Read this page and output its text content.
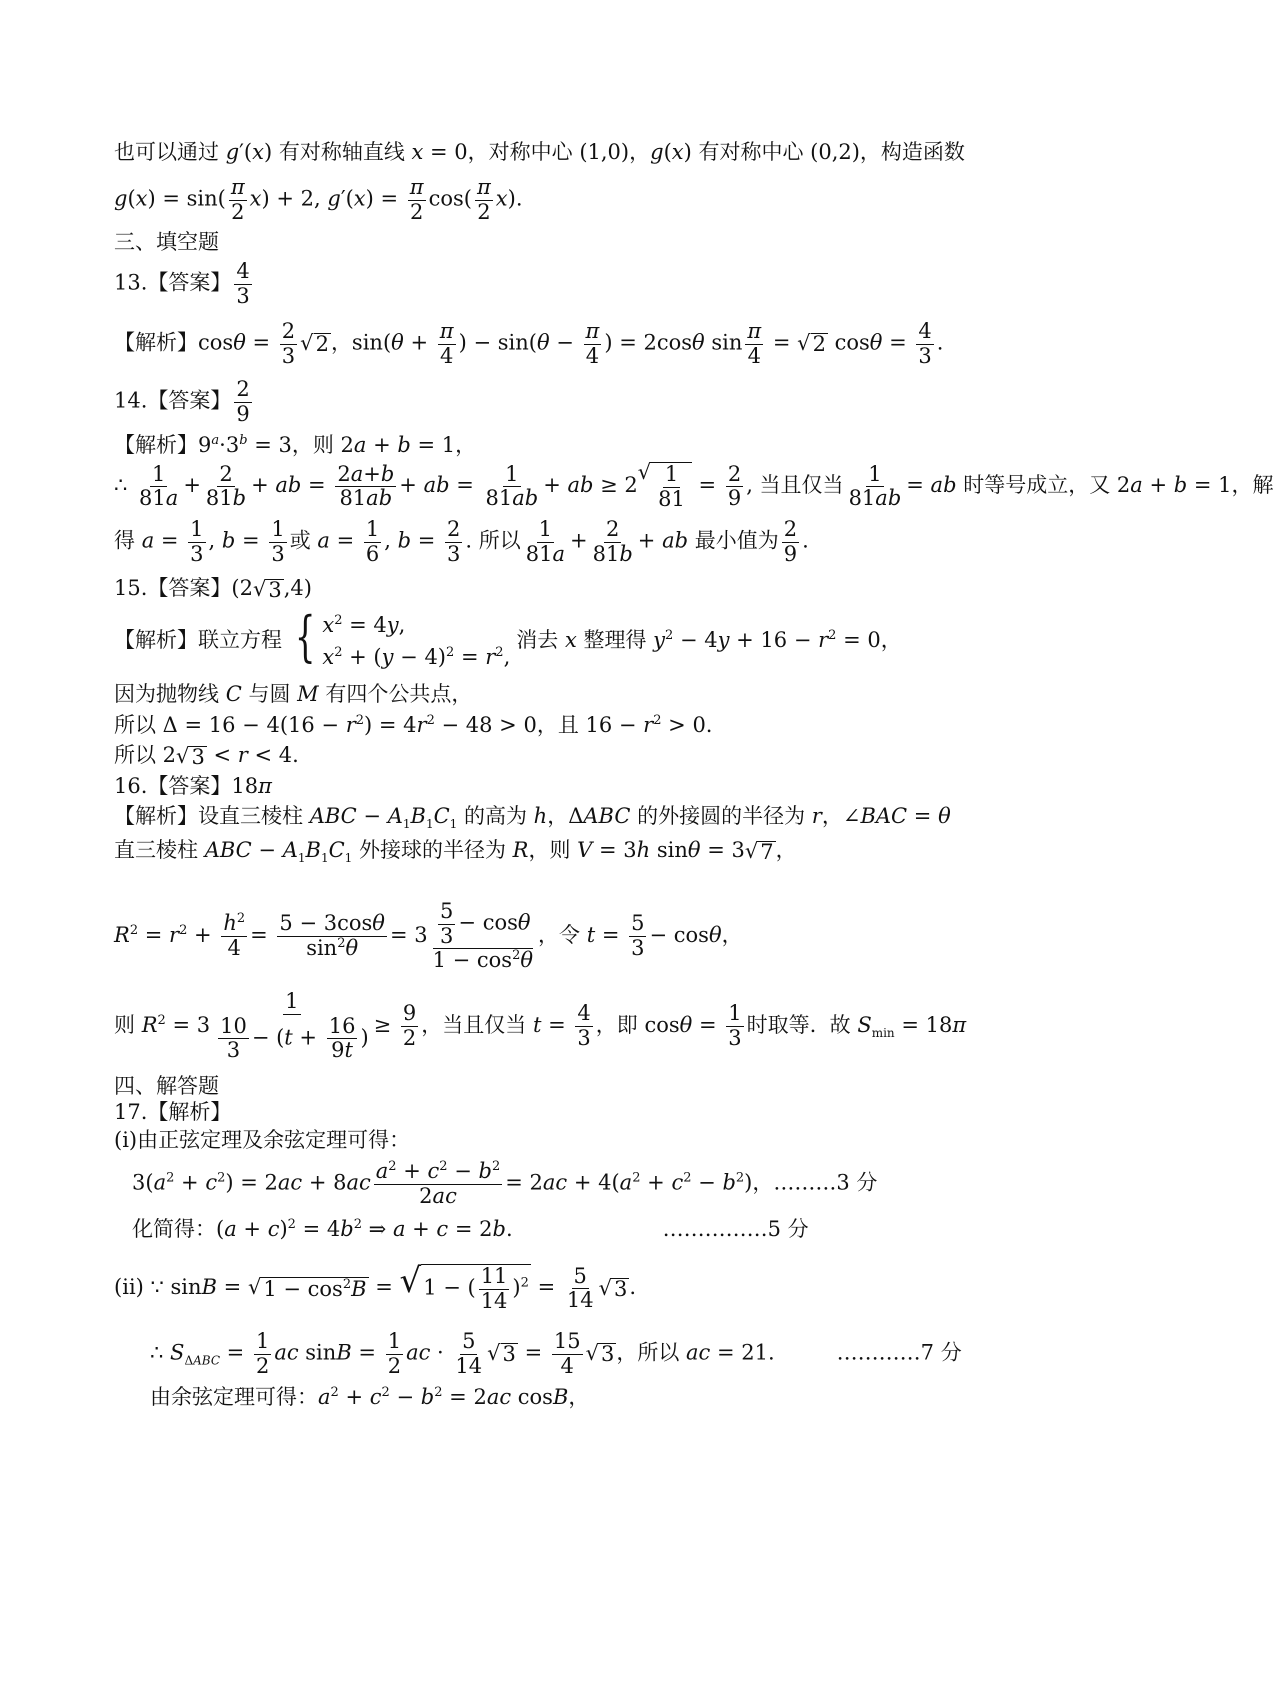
也可以通过 g′(x) 有对称轴直线 x = 0，对称中心 (1,0)，g(x) 有对称中心 (0,2)，构造函数
$g(x) = \sin( \frac{\pi}{2} x) + 2$, $g'(x) = \frac{\pi}{2} \cos( \frac{\pi}{2} x)$.
三、填空题
13.【答案】 $\frac{4}{3}$
【解析】$\cos\theta = \frac{2}{3}$ √ 2 ，$\sin(\theta + \frac{\pi}{4}$ ) − $\sin(\theta - \frac{\pi}{4}$ ) = 2cosθ $\sin \frac{\pi}{4}$ = √ 2 $\cos\theta = \frac{4}{3}$ .
14.【答案】 $\frac{2}{9}$
【解析】$9^a\cdot 3^b = 3$，则 2a + b = 1，
∴ $\frac{1}{81a} + \frac{2}{81b}$ + ab = $\frac{2a+b}{81ab}$ + ab = $\frac{1}{81ab}$ + ab ≥ 2
√ $\frac{1}{81} = \frac{2}{9}$ , 当且仅当 $\frac{1}{81ab}$ = ab 时等号成立，又 2a + b = 1，解
得 $a = \frac{1}{3}$ , $b = \frac{1}{3}$ 或 $a = \frac{1}{6}$ , $b = \frac{2}{3}$ . 所以 $\frac{1}{81a} + \frac{2}{81b}$ + ab 最小值为 $\frac{2}{9}$ .
15.【答案】(2 √ 3 ,4)
【解析】联立方程 { $x^2 = 4y$,
$x^2 + (y - 4)^2 = r^2$,
消去 x 整理得 $y^2 - 4y + 16 - r^2 = 0$，
因为抛物线 C 与圆 M 有四个公共点，
所以 $\Delta = 16 - 4(16 - r^2) = 4r^2 - 48 > 0$，且 $16 - r^2 > 0$.
所以 2 √ 3 < r < 4.
16.【答案】18π
【解析】设直三棱柱 ABC − $A_1B_1C_1$ 的高为 h，ΔABC 的外接圆的半径为 r，∠BAC = θ
直三棱柱 ABC − $A_1B_1C_1$ 外接球的半径为 R，则 V = 3h sinθ = 3 √ 7 ，
$R^2 = r^2 + \frac{h^2}{4} = \frac{5 - 3\cos\theta}{\sin^2\theta} = 3 \frac{\frac{5}{3} - \cos\theta}{1 - \cos^2\theta}$ ，令 $t = \frac{5}{3} - \cos\theta$，
则 $R^2 = 3 \frac{1}{\frac{10}{3} - (t + \frac{16}{9t} )} \ge \frac{9}{2}$ ，当且仅当 $t = \frac{4}{3}$ ，即 $\cos\theta = \frac{1}{3}$ 时取等.  故 $S_{min} = 18\pi$
四、解答题
17.【解析】
(ⅰ)由正弦定理及余弦定理可得：
$3(a^2 + c^2) = 2ac + 8ac \frac{a^2 + c^2 - b^2}{2ac} = 2ac + 4(a^2 + c^2 - b^2)$，………3 分
化简得：$(a + c)^2 = 4b^2$ ⇒ a + c = 2b.	……………5 分
(ⅱ) ∵ sinB = √ $1 - \cos^2B$ = √ 1 − ( $\frac{11}{14} )^2 = \frac{5}{14}$ √ 3 .
∴ $S_{\Delta ABC} = \frac{1}{2}$ ac $\sin B = \frac{1}{2}$ ac · $\frac{5}{14}$ √ $3 = \frac{15}{4}$ √ 3 ，所以 ac = 21.	…………7 分
由余弦定理可得：$a^2 + c^2 - b^2 = 2ac$ cosB，
